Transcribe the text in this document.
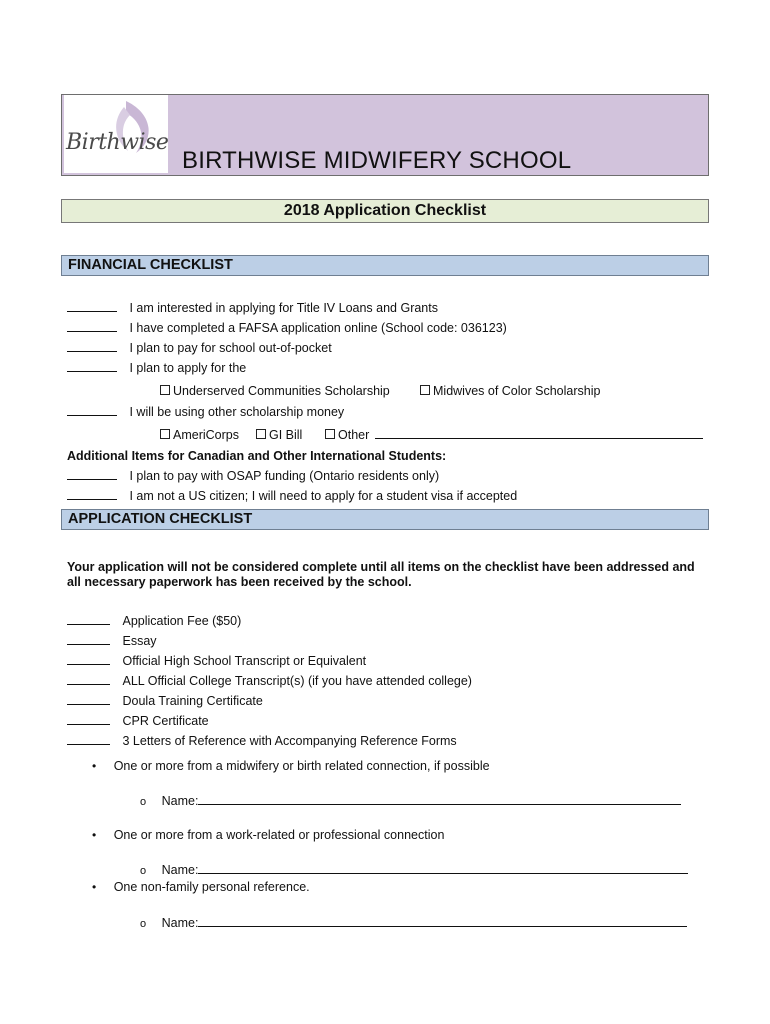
Birthwise
BIRTHWISE MIDWIFERY SCHOOL
2018 Application Checklist
FINANCIAL CHECKLIST
I am interested in applying for Title IV Loans and Grants
I have completed a FAFSA application online (School code: 036123)
I plan to pay for school out-of-pocket
I plan to apply for the
Underserved Communities Scholarship	Midwives of Color Scholarship
I will be using other scholarship money
AmeriCorps	GI Bill	Other
Additional Items for Canadian and Other International Students:
I plan to pay with OSAP funding (Ontario residents only)
I am not a US citizen; I will need to apply for a student visa if accepted
APPLICATION CHECKLIST
Your application will not be considered complete until all items on the checklist have been addressed and
all necessary paperwork has been received by the school.
Application Fee ($50)
Essay
Official High School Transcript or Equivalent
ALL Official College Transcript(s) (if you have attended college)
Doula Training Certificate
CPR Certificate
3 Letters of Reference with Accompanying Reference Forms
• One or more from a midwifery or birth related connection, if possible
o Name:
• One or more from a work-related or professional connection
o Name:
• One non-family personal reference.
o Name:
